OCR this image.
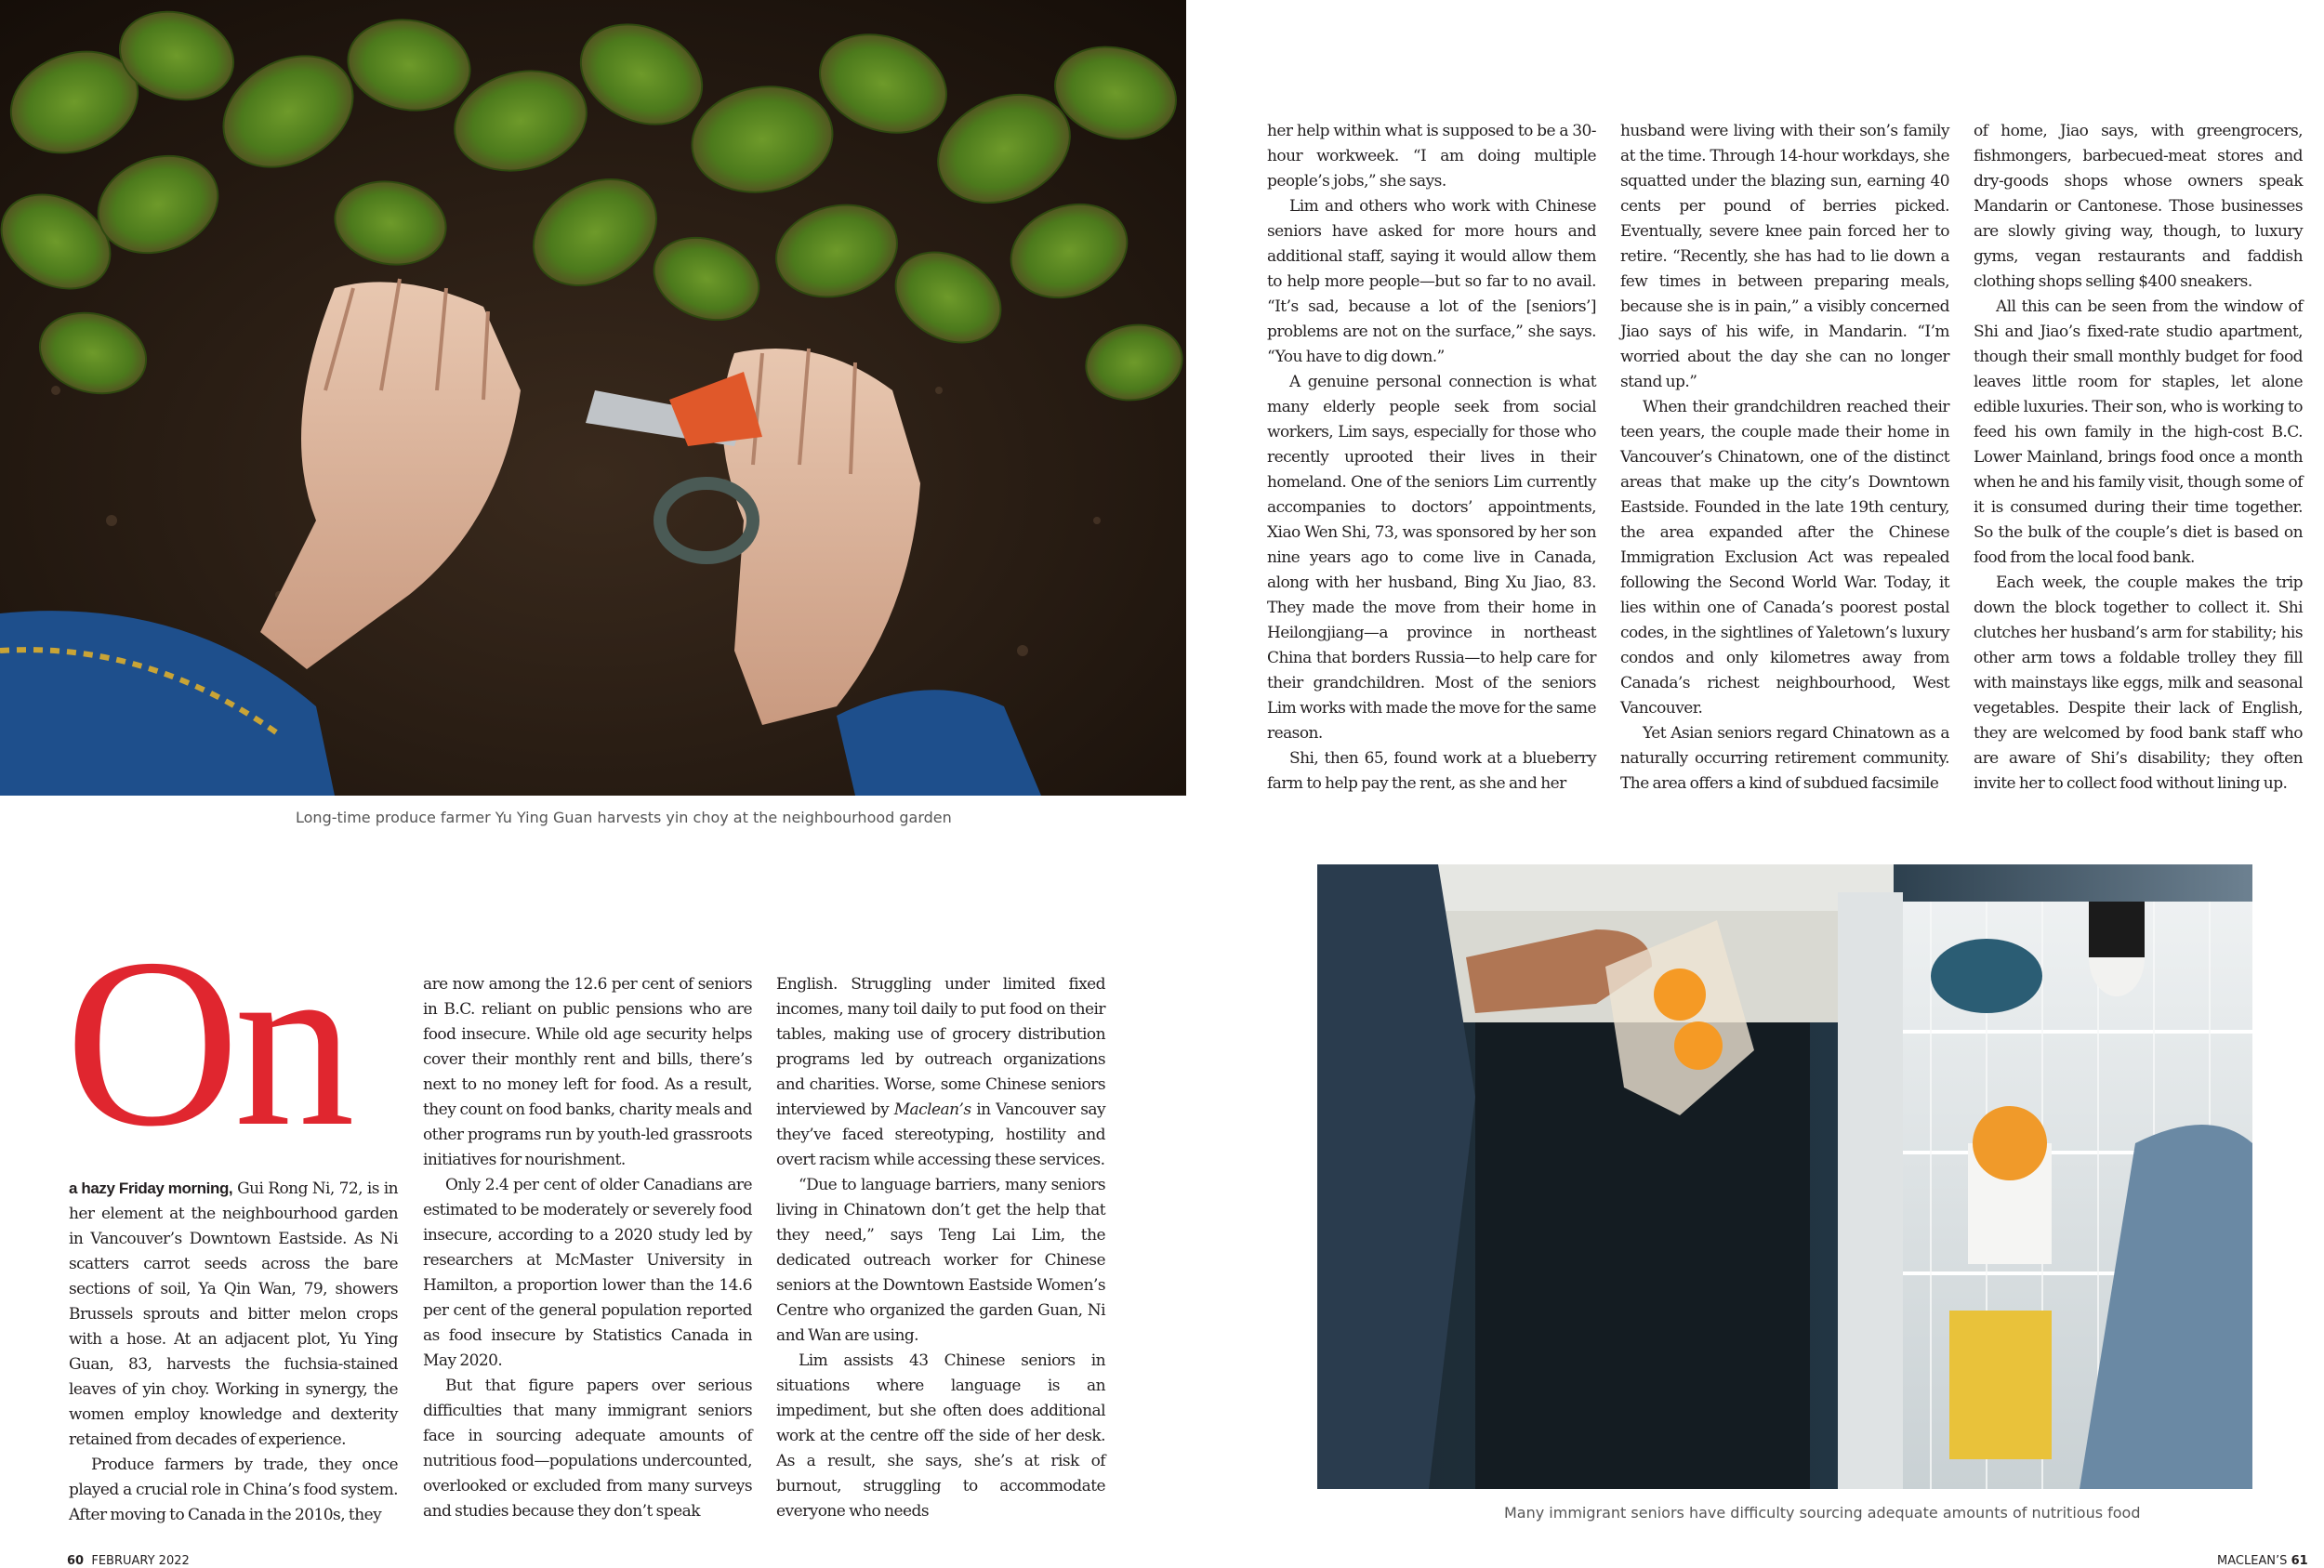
Long-time produce farmer Yu Ying Guan harvests yin choy at the neighbourhood garden

her help within what is supposed to be a 30-hour workweek. “I am doing multiple people’s jobs,” she says.

Lim and others who work with Chinese seniors have asked for more hours and additional staff, saying it would allow them to help more people—but so far to no avail. “It’s sad, because a lot of the [seniors’] problems are not on the surface,” she says. “You have to dig down.”

A genuine personal connection is what many elderly people seek from social workers, Lim says, especially for those who recently uprooted their lives in their homeland. One of the seniors Lim currently accompanies to doctors’ appointments, Xiao Wen Shi, 73, was sponsored by her son nine years ago to come live in Canada, along with her husband, Bing Xu Jiao, 83. They made the move from their home in Heilongjiang—a province in northeast China that borders Russia—to help care for their grandchildren. Most of the seniors Lim works with made the move for the same reason.

Shi, then 65, found work at a blueberry farm to help pay the rent, as she and her

husband were living with their son’s family at the time. Through 14-hour workdays, she squatted under the blazing sun, earning 40 cents per pound of berries picked. Eventually, severe knee pain forced her to retire. “Recently, she has had to lie down a few times in between preparing meals, because she is in pain,” a visibly concerned Jiao says of his wife, in Mandarin. “I’m worried about the day she can no longer stand up.”

When their grandchildren reached their teen years, the couple made their home in Vancouver’s Chinatown, one of the distinct areas that make up the city’s Downtown Eastside. Founded in the late 19th century, the area expanded after the Chinese Immigration Exclusion Act was repealed following the Second World War. Today, it lies within one of Canada’s poorest postal codes, in the sightlines of Yaletown’s luxury condos and only kilometres away from Canada’s richest neighbourhood, West Vancouver.

Yet Asian seniors regard Chinatown as a naturally occurring retirement community. The area offers a kind of subdued facsimile

of home, Jiao says, with greengrocers, fishmongers, barbecued-meat stores and dry-goods shops whose owners speak Mandarin or Cantonese. Those businesses are slowly giving way, though, to luxury gyms, vegan restaurants and faddish clothing shops selling $400 sneakers.

All this can be seen from the window of Shi and Jiao’s fixed-rate studio apartment, though their small monthly budget for food leaves little room for staples, let alone edible luxuries. Their son, who is working to feed his own family in the high-cost B.C. Lower Mainland, brings food once a month when he and his family visit, though some of it is consumed during their time together. So the bulk of the couple’s diet is based on food from the local food bank.

Each week, the couple makes the trip down the block together to collect it. Shi clutches her husband’s arm for stability; his other arm tows a foldable trolley they fill with mainstays like eggs, milk and seasonal vegetables. Despite their lack of English, they are welcomed by food bank staff who are aware of Shi’s disability; they often invite her to collect food without lining up.

On

a hazy Friday morning, Gui Rong Ni, 72, is in her element at the neighbourhood garden in Vancouver’s Downtown Eastside. As Ni scatters carrot seeds across the bare sections of soil, Ya Qin Wan, 79, showers Brussels sprouts and bitter melon crops with a hose. At an adjacent plot, Yu Ying Guan, 83, harvests the fuchsia-stained leaves of yin choy. Working in synergy, the women employ knowledge and dexterity retained from decades of experience.

Produce farmers by trade, they once played a crucial role in China’s food system. After moving to Canada in the 2010s, they

are now among the 12.6 per cent of seniors in B.C. reliant on public pensions who are food insecure. While old age security helps cover their monthly rent and bills, there’s next to no money left for food. As a result, they count on food banks, charity meals and other programs run by youth-led grassroots initiatives for nourishment.

Only 2.4 per cent of older Canadians are estimated to be moderately or severely food insecure, according to a 2020 study led by researchers at McMaster University in Hamilton, a proportion lower than the 14.6 per cent of the general population reported as food insecure by Statistics Canada in May 2020.

But that figure papers over serious difficulties that many immigrant seniors face in sourcing adequate amounts of nutritious food—populations undercounted, overlooked or excluded from many surveys and studies because they don’t speak

English. Struggling under limited fixed incomes, many toil daily to put food on their tables, making use of grocery distribution programs led by outreach organizations and charities. Worse, some Chinese seniors interviewed by Maclean’s in Vancouver say they’ve faced stereotyping, hostility and overt racism while accessing these services.

“Due to language barriers, many seniors living in Chinatown don’t get the help that they need,” says Teng Lai Lim, the dedicated outreach worker for Chinese seniors at the Downtown Eastside Women’s Centre who organized the garden Guan, Ni and Wan are using.

Lim assists 43 Chinese seniors in situations where language is an impediment, but she often does additional work at the centre off the side of her desk. As a result, she says, she’s at risk of burnout, struggling to accommodate everyone who needs	Many immigrant seniors have difficulty sourcing adequate amounts of nutritious food
60 FEBRUARY 2022	MACLEAN’S 61
